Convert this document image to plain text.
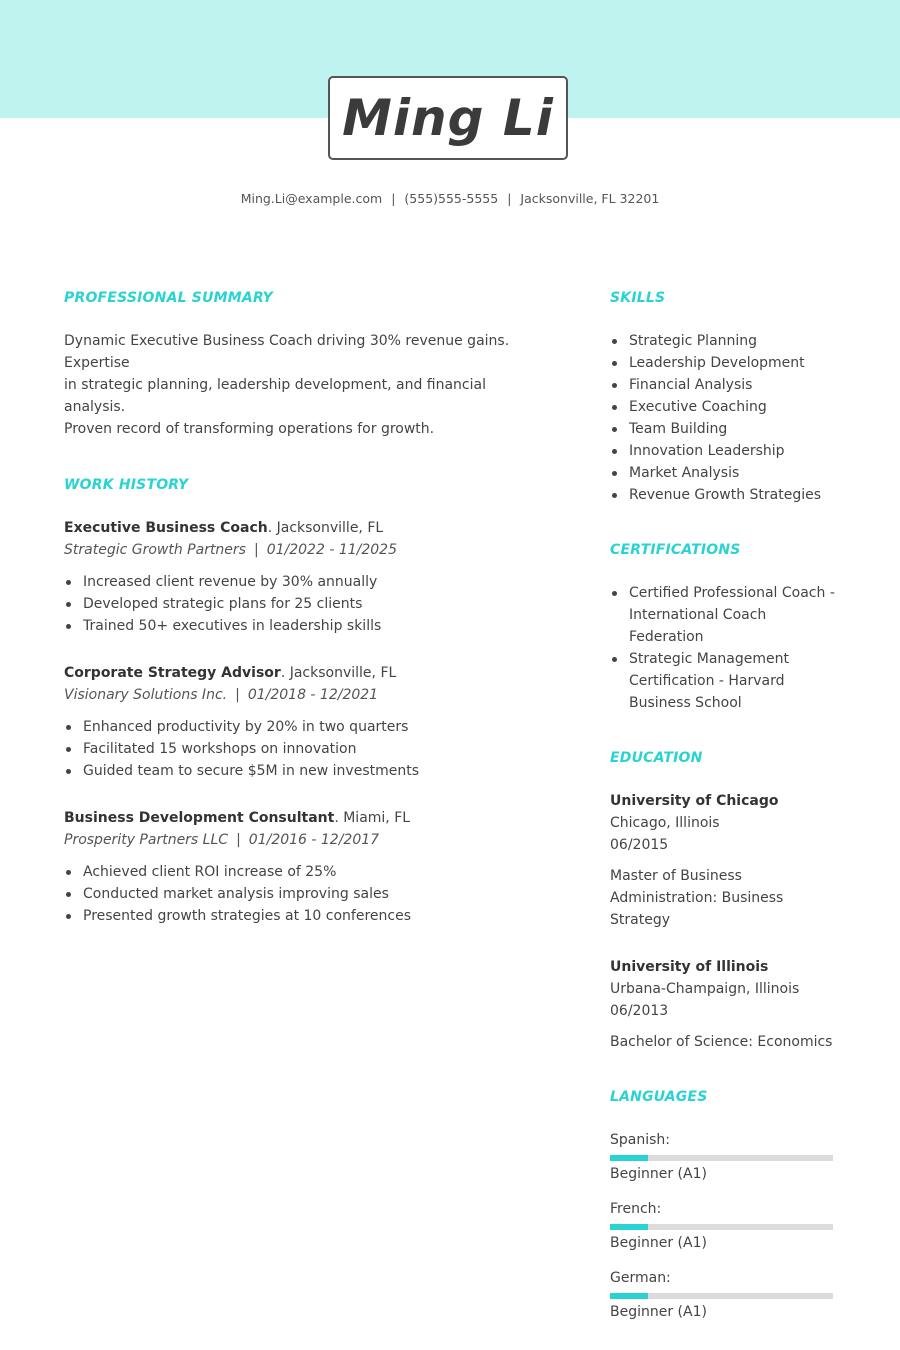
Ming Li
Ming.Li@example.com | (555)555-5555 | Jacksonville, FL 32201
PROFESSIONAL SUMMARY
Dynamic Executive Business Coach driving 30% revenue gains. Expertise
in strategic planning, leadership development, and financial analysis.
Proven record of transforming operations for growth.
WORK HISTORY
Executive Business Coach. Jacksonville, FL
Strategic Growth Partners | 01/2022 - 11/2025
Increased client revenue by 30% annually
Developed strategic plans for 25 clients
Trained 50+ executives in leadership skills
Corporate Strategy Advisor. Jacksonville, FL
Visionary Solutions Inc. | 01/2018 - 12/2021
Enhanced productivity by 20% in two quarters
Facilitated 15 workshops on innovation
Guided team to secure $5M in new investments
Business Development Consultant. Miami, FL
Prosperity Partners LLC | 01/2016 - 12/2017
Achieved client ROI increase of 25%
Conducted market analysis improving sales
Presented growth strategies at 10 conferences
SKILLS
Strategic Planning
Leadership Development
Financial Analysis
Executive Coaching
Team Building
Innovation Leadership
Market Analysis
Revenue Growth Strategies
CERTIFICATIONS
Certified Professional Coach - International Coach Federation
Strategic Management Certification - Harvard Business School
EDUCATION
University of Chicago
Chicago, Illinois
06/2015
Master of Business Administration: Business Strategy
University of Illinois
Urbana-Champaign, Illinois
06/2013
Bachelor of Science: Economics
LANGUAGES
Spanish:
Beginner (A1)
French:
Beginner (A1)
German:
Beginner (A1)
